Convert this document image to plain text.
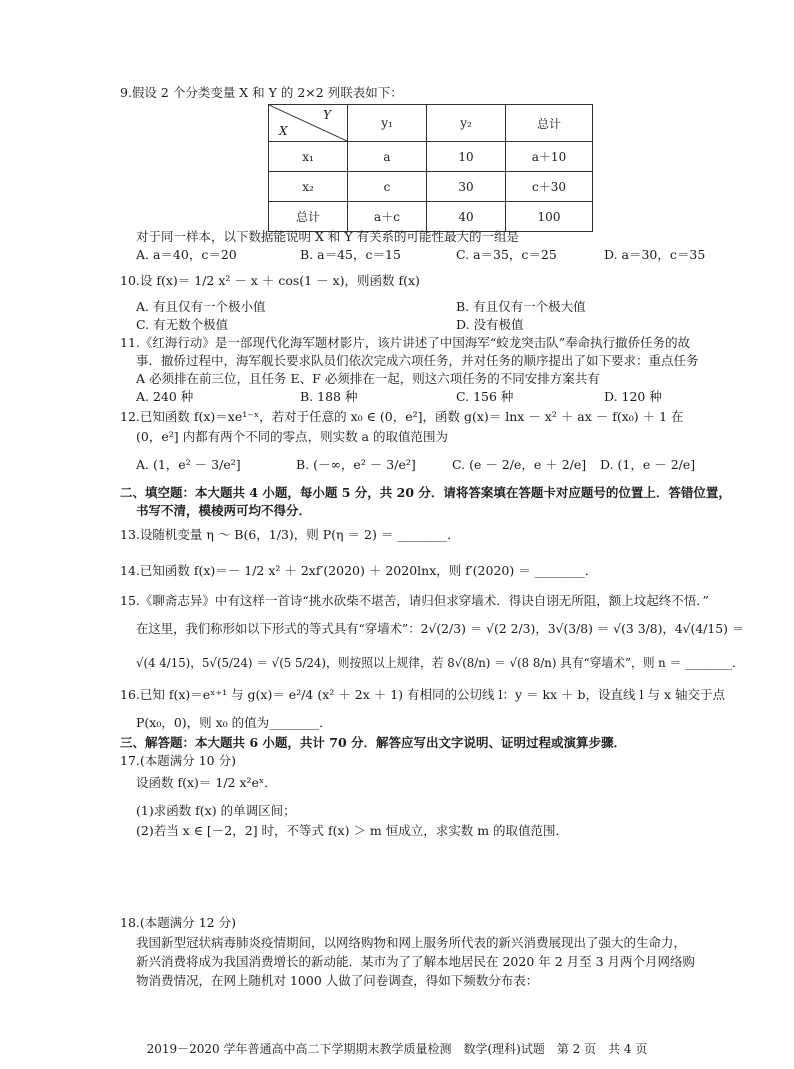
9.假设 2 个分类变量 X 和 Y 的 2×2 列联表如下：
Y
X	y₁	y₂	总计
x₁	a	10	a＋10
x₂	c	30	c＋30
总计	a＋c	40	100
对于同一样本，以下数据能说明 X 和 Y 有关系的可能性最大的一组是
A. a＝40，c＝20	B. a＝45，c＝15	C. a＝35，c＝25	D. a＝30，c＝35
10.设 f(x)＝ 1/2 x² － x ＋ cos(1 － x)，则函数 f(x)
A. 有且仅有一个极小值	B. 有且仅有一个极大值
C. 有无数个极值	D. 没有极值
11.《红海行动》是一部现代化海军题材影片，该片讲述了中国海军“蛟龙突击队”奉命执行撤侨任务的故
事．撤侨过程中，海军舰长要求队员们依次完成六项任务，并对任务的顺序提出了如下要求：重点任务
A 必须排在前三位，且任务 E、F 必须排在一起，则这六项任务的不同安排方案共有
A. 240 种	B. 188 种	C. 156 种	D. 120 种
12.已知函数 f(x)＝xe¹⁻ˣ，若对于任意的 x₀ ∈ (0，e²]，函数 g(x)＝ lnx － x² ＋ ax － f(x₀) ＋ 1 在
(0，e²] 内都有两个不同的零点，则实数 a 的取值范围为
A. (1，e² － 3/e²]	B. (－∞，e² － 3/e²]	C. (e － 2/e，e ＋ 2/e] D. (1，e － 2/e]
二、填空题：本大题共 4 小题，每小题 5 分，共 20 分．请将答案填在答题卡对应题号的位置上．答错位置，
书写不清，模棱两可均不得分．
13.设随机变量 η ～ B(6，1/3)，则 P(η ＝ 2) ＝ ________．
14.已知函数 f(x)＝－ 1/2 x² ＋ 2xf′(2020) ＋ 2020lnx，则 f′(2020) ＝ ________．
15.《聊斋志异》中有这样一首诗“挑水砍柴不堪苦，请归但求穿墙术．得诀自诩无所阻，额上坟起终不悟．”
在这里，我们称形如以下形式的等式具有“穿墙术”：2√(2/3) ＝ √(2 2/3)，3√(3/8) ＝ √(3 3/8)，4√(4/15) ＝
√(4 4/15)，5√(5/24) ＝ √(5 5/24)，则按照以上规律，若 8√(8/n) ＝ √(8 8/n) 具有“穿墙术”，则 n ＝ ________．
16.已知 f(x)＝eˣ⁺¹ 与 g(x)＝ e²/4 (x² ＋ 2x ＋ 1) 有相同的公切线 l：y ＝ kx ＋ b，设直线 l 与 x 轴交于点
P(x₀，0)，则 x₀ 的值为________．
三、解答题：本大题共 6 小题，共计 70 分．解答应写出文字说明、证明过程或演算步骤．
17.(本题满分 10 分)
设函数 f(x)＝ 1/2 x²eˣ．
(1)求函数 f(x) 的单调区间；
(2)若当 x ∈ [－2，2] 时，不等式 f(x) ＞ m 恒成立，求实数 m 的取值范围．
18.(本题满分 12 分)
我国新型冠状病毒肺炎疫情期间，以网络购物和网上服务所代表的新兴消费展现出了强大的生命力，
新兴消费将成为我国消费增长的新动能．某市为了了解本地居民在 2020 年 2 月至 3 月两个月网络购
物消费情况，在网上随机对 1000 人做了问卷调查，得如下频数分布表：
2019－2020 学年普通高中高二下学期期末教学质量检测　数学(理科)试题　第 2 页　共 4 页
